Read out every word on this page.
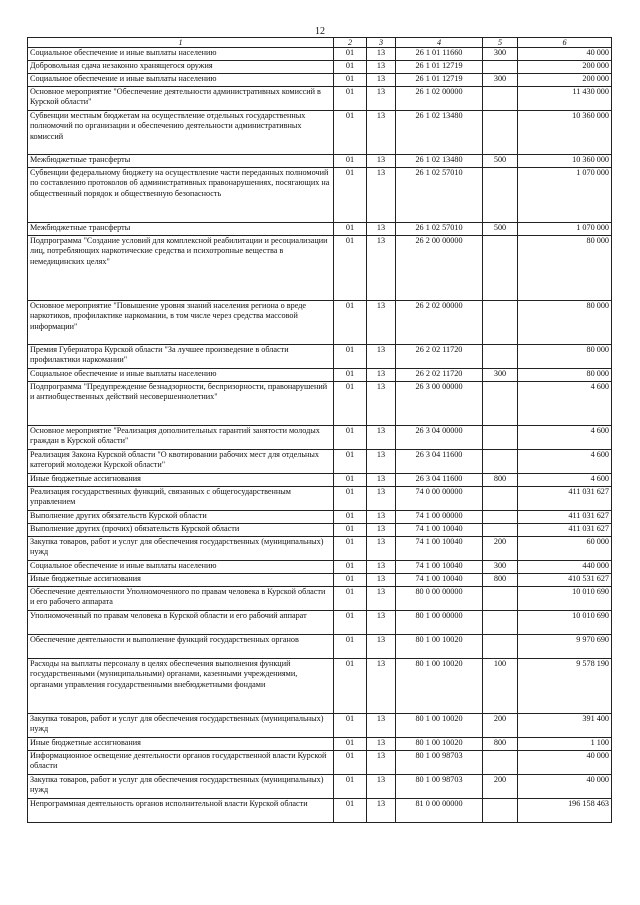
12
1	2	3	4	5	6
Социальное обеспечение и иные выплаты населению	01	13	26 1 01 11660	300	40 000
Добровольная сдача незаконно хранящегося оружия	01	13	26 1 01 12719		200 000
Социальное обеспечение и иные выплаты населению	01	13	26 1 01 12719	300	200 000
Основное мероприятие "Обеспечение деятельности административных комиссий в Курской области"	01	13	26 1 02 00000		11 430 000
Субвенции местным бюджетам на осуществление отдельных государственных полномочий по организации и обеспечению деятельности административных комиссий	01	13	26 1 02 13480		10 360 000
Межбюджетные трансферты	01	13	26 1 02 13480	500	10 360 000
Субвенции федеральному бюджету на осуществление части переданных полномочий по составлению протоколов об административных правонарушениях, посягающих на общественный порядок и общественную безопасность	01	13	26 1 02 57010		1 070 000
Межбюджетные трансферты	01	13	26 1 02 57010	500	1 070 000
Подпрограмма "Создание условий для комплексной реабилитации и ресоциализации лиц, потребляющих наркотические средства и психотропные вещества в немедицинских целях"	01	13	26 2 00 00000		80 000
Основное мероприятие "Повышение уровня знаний населения региона о вреде наркотиков, профилактике наркомании, в том числе через средства массовой информации"	01	13	26 2 02 00000		80 000
Премия Губернатора Курской области "За лучшее произведение в области профилактики наркомании"	01	13	26 2 02 11720		80 000
Социальное обеспечение и иные выплаты населению	01	13	26 2 02 11720	300	80 000
Подпрограмма "Предупреждение безнадзорности, беспризорности, правонарушений и антиобщественных действий несовершеннолетних"	01	13	26 3 00 00000		4 600
Основное мероприятие "Реализация дополнительных гарантий занятости молодых граждан в Курской области"	01	13	26 3 04 00000		4 600
Реализация Закона Курской области "О квотировании рабочих мест для отдельных категорий молодежи Курской области"	01	13	26 3 04 11600		4 600
Иные бюджетные ассигнования	01	13	26 3 04 11600	800	4 600
Реализация государственных функций, связанных с общегосударственным управлением	01	13	74 0 00 00000		411 031 627
Выполнение других обязательств Курской области	01	13	74 1 00 00000		411 031 627
Выполнение других (прочих) обязательств Курской области	01	13	74 1 00 10040		411 031 627
Закупка товаров, работ и услуг для обеспечения государственных (муниципальных) нужд	01	13	74 1 00 10040	200	60 000
Социальное обеспечение и иные выплаты населению	01	13	74 1 00 10040	300	440 000
Иные бюджетные ассигнования	01	13	74 1 00 10040	800	410 531 627
Обеспечение деятельности Уполномоченного по правам человека в Курской области и его рабочего аппарата	01	13	80 0 00 00000		10 010 690
Уполномоченный по правам человека в Курской области и его рабочий аппарат	01	13	80 1 00 00000		10 010 690
Обеспечение деятельности и выполнение функций государственных органов	01	13	80 1 00 10020		9 970 690
Расходы на выплаты персоналу в целях обеспечения выполнения функций государственными (муниципальными) органами, казенными учреждениями, органами управления государственными внебюджетными фондами	01	13	80 1 00 10020	100	9 578 190
Закупка товаров, работ и услуг для обеспечения государственных (муниципальных) нужд	01	13	80 1 00 10020	200	391 400
Иные бюджетные ассигнования	01	13	80 1 00 10020	800	1 100
Информационное освещение деятельности органов государственной власти Курской области	01	13	80 1 00 98703		40 000
Закупка товаров, работ и услуг для обеспечения государственных (муниципальных) нужд	01	13	80 1 00 98703	200	40 000
Непрограммная деятельность органов исполнительной власти Курской области	01	13	81 0 00 00000		196 158 463
